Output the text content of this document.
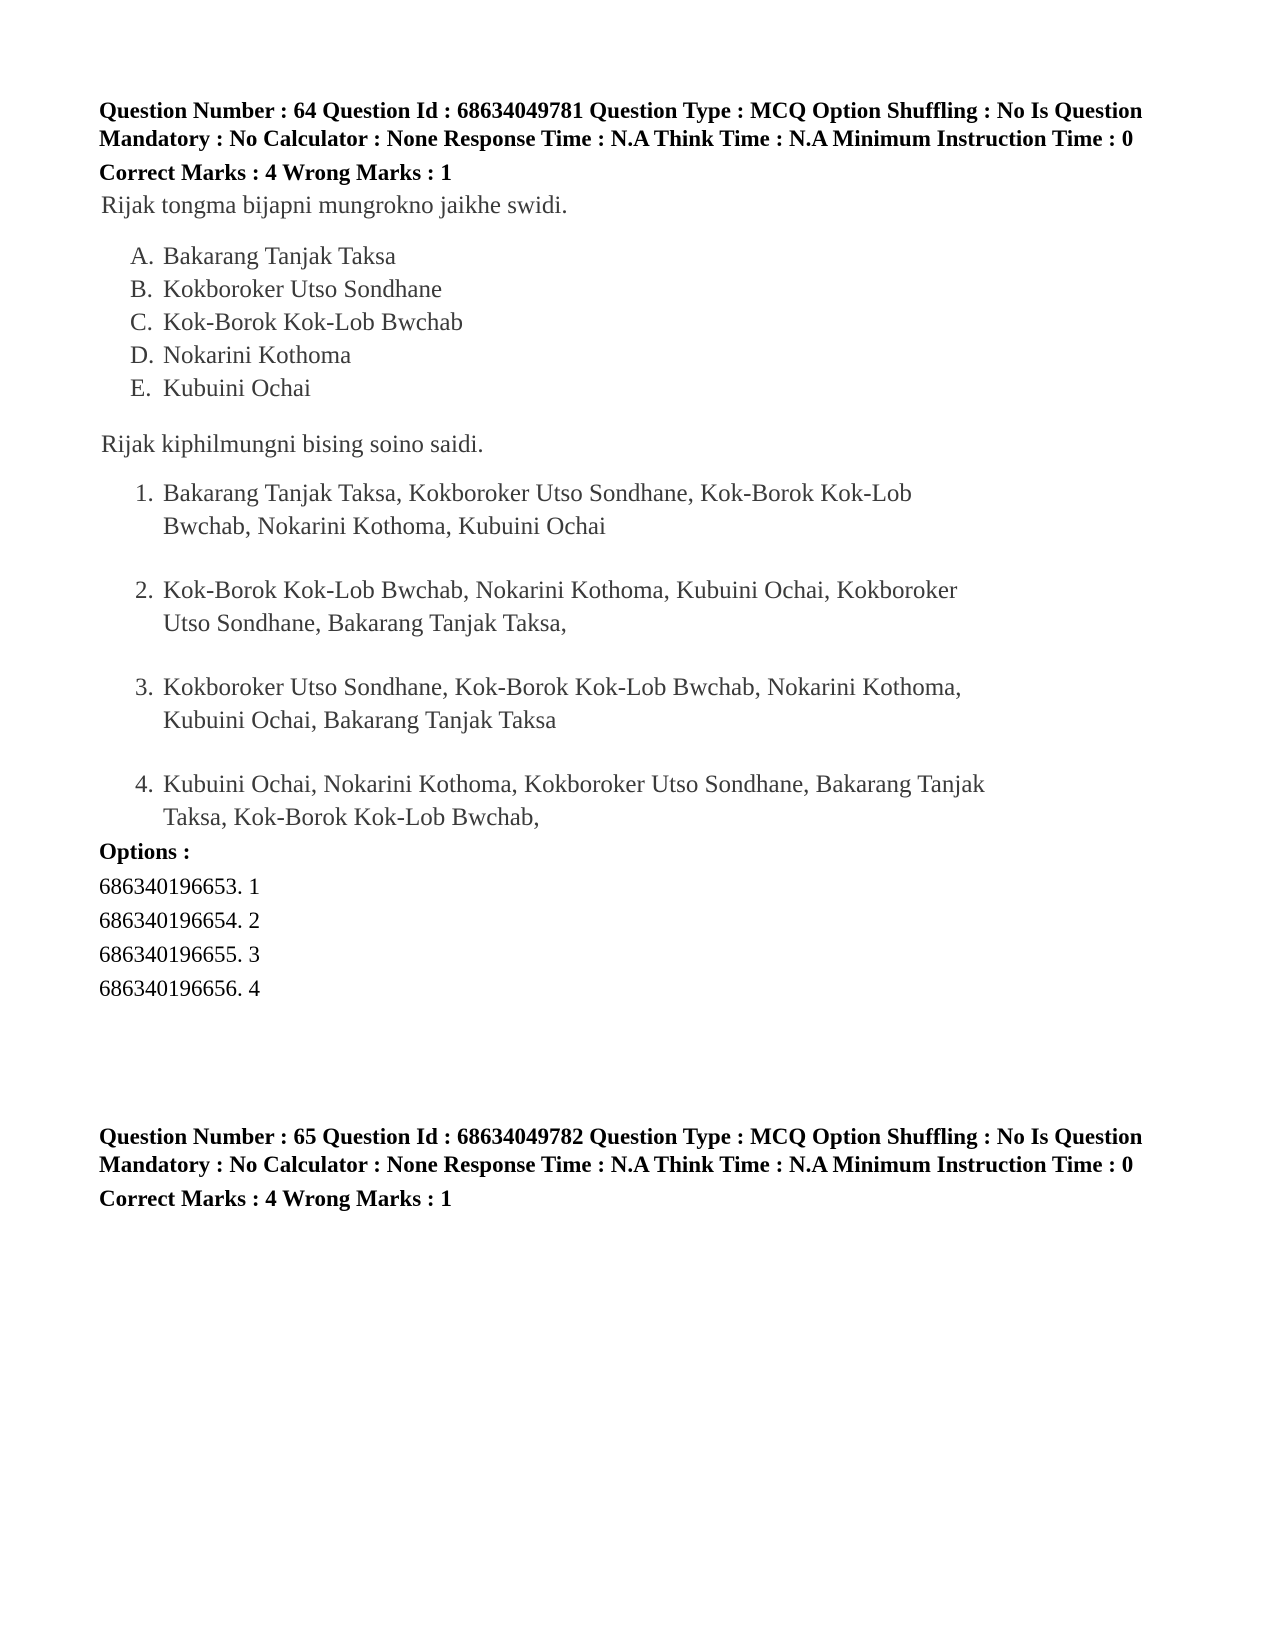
Question Number : 64 Question Id : 68634049781 Question Type : MCQ Option Shuffling : No Is Question Mandatory : No Calculator : None Response Time : N.A Think Time : N.A Minimum Instruction Time : 0

Correct Marks : 4 Wrong Marks : 1

Rijak tongma bijapni mungrokno jaikhe swidi.
A. Bakarang Tanjak Taksa
B. Kokboroker Utso Sondhane
C. Kok-Borok Kok-Lob Bwchab
D. Nokarini Kothoma
E. Kubuini Ochai
Rijak kiphilmungni bising soino saidi.
1. Bakarang Tanjak Taksa, Kokboroker Utso Sondhane, Kok-Borok Kok-Lob Bwchab, Nokarini Kothoma, Kubuini Ochai
2. Kok-Borok Kok-Lob Bwchab, Nokarini Kothoma, Kubuini Ochai, Kokboroker Utso Sondhane, Bakarang Tanjak Taksa,
3. Kokboroker Utso Sondhane, Kok-Borok Kok-Lob Bwchab, Nokarini Kothoma, Kubuini Ochai, Bakarang Tanjak Taksa
4. Kubuini Ochai, Nokarini Kothoma, Kokboroker Utso Sondhane, Bakarang Tanjak Taksa, Kok-Borok Kok-Lob Bwchab,

Options :

686340196653. 1
686340196654. 2
686340196655. 3
686340196656. 4

Question Number : 65 Question Id : 68634049782 Question Type : MCQ Option Shuffling : No Is Question Mandatory : No Calculator : None Response Time : N.A Think Time : N.A Minimum Instruction Time : 0

Correct Marks : 4 Wrong Marks : 1
